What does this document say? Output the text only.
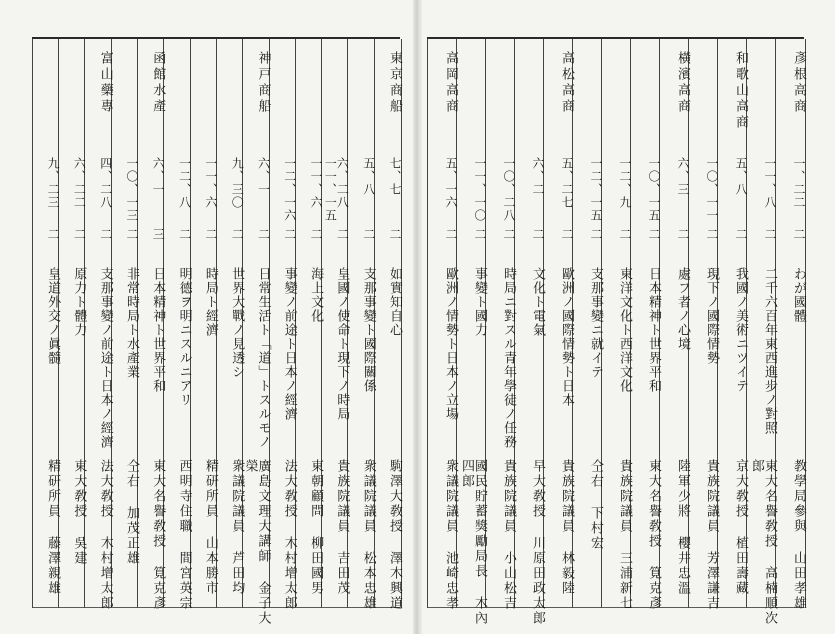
東京商船
七、七
二
如實知自心
駒澤大敎授 澤木興道
五、八
二
支那事變ト國際關係
衆議院議員 松本忠雄
六、二八　一一、一五
二
皇國ノ使命ト現下ノ時局
貴族院議員 吉田茂
一一、六
二
海上文化
東朝顧問 柳田國男
一二、一六
二
事變ノ前途ト日本ノ經濟
法大敎授 木村增太郎
神戸商船
六、一
二
日常生活ト「道」トスルモノ
廣島文理大講師 金子大榮
九、三〇
二
世界大戰ノ見透シ
衆議院議員 芦田均
一一、六
二
時局ト經濟
精研所員 山本勝市
一二、八
二
明德ヲ明ニスルニアリ
西明寺住職 間宮英宗
函館水產
六、一
三
日本精神ト世界平和
東大名譽敎授 筧克彥
一〇、一三
二
非常時局ト水產業
仝右 加茂正雄
富山藥專
四、二八
二
支那事變ノ前途ト日本ノ經濟
法大敎授 木村增太郎
六、二二
二
原力ト體力
東大敎授 吳建
九、二三
二
皇道外交ノ眞髓
精研所員 藤澤親雄
彥根高商
一、二二
二
わが國體
教學局參與 山田孝雄
一一、八
二
二千六百年東西進步ノ對照
東大名譽敎授 高楠順次郎
和歌山高商
五、八
二
我國ノ美術ニツイテ
京大敎授 植田壽藏
一〇、一一
二
現下ノ國際情勢
貴族院議員 芳澤謙吉
橫濱高商
六、三
二
處フ者ノ心境
陸軍少將 櫻井忠溫
一〇、一五
二
日本精神ト世界平和
東大名譽敎授 筧克彥
一二、九
二
東洋文化ト西洋文化
貴族院議員 三浦新七
一二、一五
二
支那事變ニ就イテ
仝右 下村宏
高松高商
五、二七
二
歐洲ノ國際情勢ト日本
貴族院議員 林毅陸
六、二
二
文化ト電氣
早大敎授 川原田政太郎
一〇、二八
二
時局ニ對スル青年學徒ノ任務
貴族院議員 小山松吉
一一、一〇
二
事變ト國力
國民貯蓄獎勵局長 木內四郎
高岡高商
五、一六
二
歐洲ノ情勢ト日本ノ立場
衆議院議員 池崎忠孝
